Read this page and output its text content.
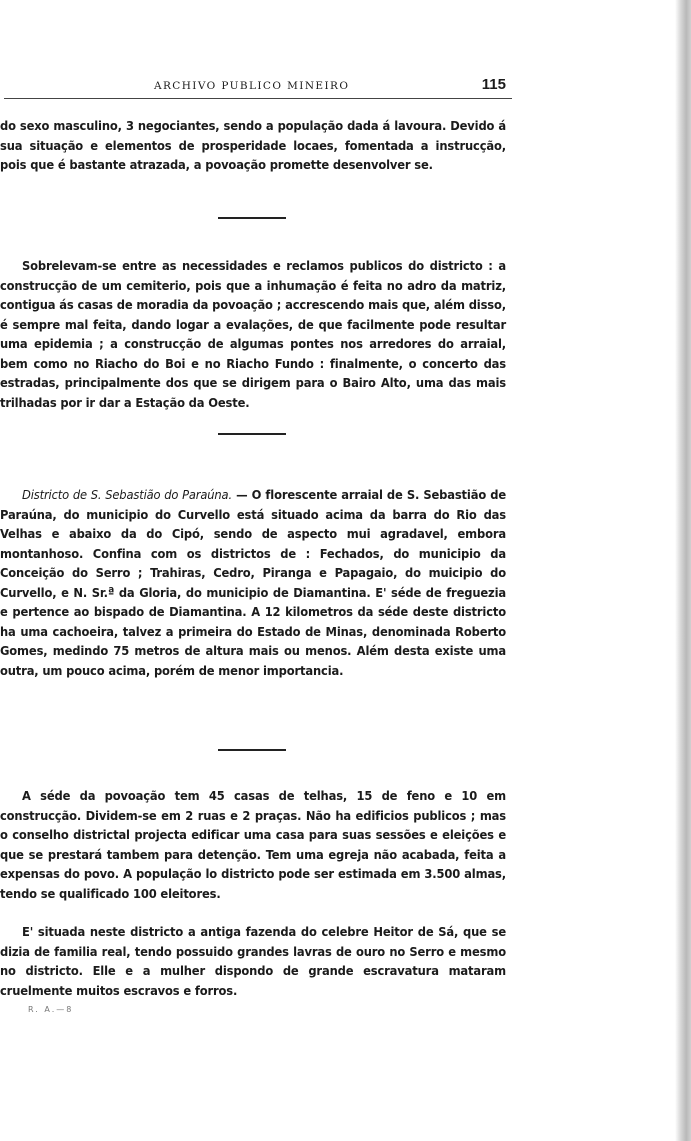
ARCHIVO PUBLICO MINEIRO	115

do sexo masculino, 3 negociantes, sendo a população dada á lavoura. Devido á sua situação e elementos de prosperidade locaes, fomentada a instrucção, pois que é bastante atrazada, a povoação promette desenvolver se.

Sobrelevam-se entre as necessidades e reclamos publicos do districto : a construcção de um cemiterio, pois que a inhumação é feita no adro da matriz, contigua ás casas de moradia da povoação ; accrescendo mais que, além disso, é sempre mal feita, dando logar a evalações, de que facilmente pode resultar uma epidemia ; a construcção de algumas pontes nos arredores do arraial, bem como no Riacho do Boi e no Riacho Fundo : finalmente, o concerto das estradas, principalmente dos que se dirigem para o Bairo Alto, uma das mais trilhadas por ir dar a Estação da Oeste.

Districto de S. Sebastião do Paraúna. — O florescente arraial de S. Sebastião de Paraúna, do municipio do Curvello está situado acima da barra do Rio das Velhas e abaixo da do Cipó, sendo de aspecto mui agradavel, embora montanhoso. Confina com os districtos de : Fechados, do municipio da Conceição do Serro ; Trahiras, Cedro, Piranga e Papagaio, do muicipio do Curvello, e N. Sr.ª da Gloria, do municipio de Diamantina. E' séde de freguezia e pertence ao bispado de Diamantina. A 12 kilometros da séde deste districto ha uma cachoeira, talvez a primeira do Estado de Minas, denominada Roberto Gomes, medindo 75 metros de altura mais ou menos. Além desta existe uma outra, um pouco acima, porém de menor importancia.

A séde da povoação tem 45 casas de telhas, 15 de feno e 10 em construcção. Dividem-se em 2 ruas e 2 praças. Não ha edificios publicos ; mas o conselho districtal projecta edificar uma casa para suas sessões e eleições e que se prestará tambem para detenção. Tem uma egreja não acabada, feita a expensas do povo. A população lo districto pode ser estimada em 3.500 almas, tendo se qualificado 100 eleitores.

E' situada neste districto a antiga fazenda do celebre Heitor de Sá, que se dizia de familia real, tendo possuido grandes lavras de ouro no Serro e mesmo no districto. Elle e a mulher dispondo de grande escravatura mataram cruelmente muitos escravos e forros.

R. A.—8
